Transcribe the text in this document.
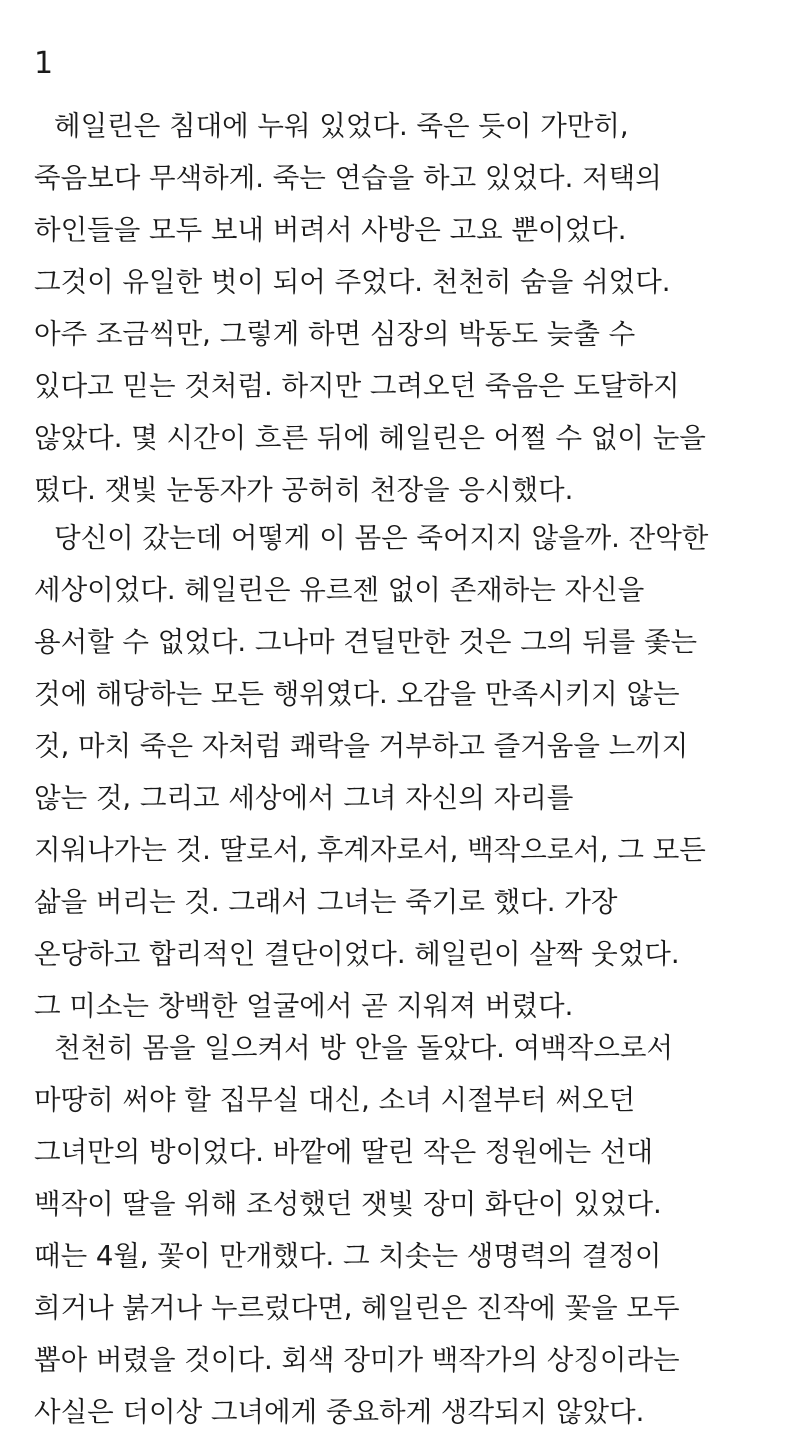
1
헤일린은 침대에 누워 있었다. 죽은 듯이 가만히,
죽음보다 무색하게. 죽는 연습을 하고 있었다. 저택의
하인들을 모두 보내 버려서 사방은 고요 뿐이었다.
그것이 유일한 벗이 되어 주었다. 천천히 숨을 쉬었다.
아주 조금씩만, 그렇게 하면 심장의 박동도 늦출 수
있다고 믿는 것처럼. 하지만 그려오던 죽음은 도달하지
않았다. 몇 시간이 흐른 뒤에 헤일린은 어쩔 수 없이 눈을
떴다. 잿빛 눈동자가 공허히 천장을 응시했다.
당신이 갔는데 어떻게 이 몸은 죽어지지 않을까. 잔악한
세상이었다. 헤일린은 유르젠 없이 존재하는 자신을
용서할 수 없었다. 그나마 견딜만한 것은 그의 뒤를 좇는
것에 해당하는 모든 행위였다. 오감을 만족시키지 않는
것, 마치 죽은 자처럼 쾌락을 거부하고 즐거움을 느끼지
않는 것, 그리고 세상에서 그녀 자신의 자리를
지워나가는 것. 딸로서, 후계자로서, 백작으로서, 그 모든
삶을 버리는 것. 그래서 그녀는 죽기로 했다. 가장
온당하고 합리적인 결단이었다. 헤일린이 살짝 웃었다.
그 미소는 창백한 얼굴에서 곧 지워져 버렸다.
천천히 몸을 일으켜서 방 안을 돌았다. 여백작으로서
마땅히 써야 할 집무실 대신, 소녀 시절부터 써오던
그녀만의 방이었다. 바깥에 딸린 작은 정원에는 선대
백작이 딸을 위해 조성했던 잿빛 장미 화단이 있었다.
때는 4월, 꽃이 만개했다. 그 치솟는 생명력의 결정이
희거나 붉거나 누르렀다면, 헤일린은 진작에 꽃을 모두
뽑아 버렸을 것이다. 회색 장미가 백작가의 상징이라는
사실은 더이상 그녀에게 중요하게 생각되지 않았다.
